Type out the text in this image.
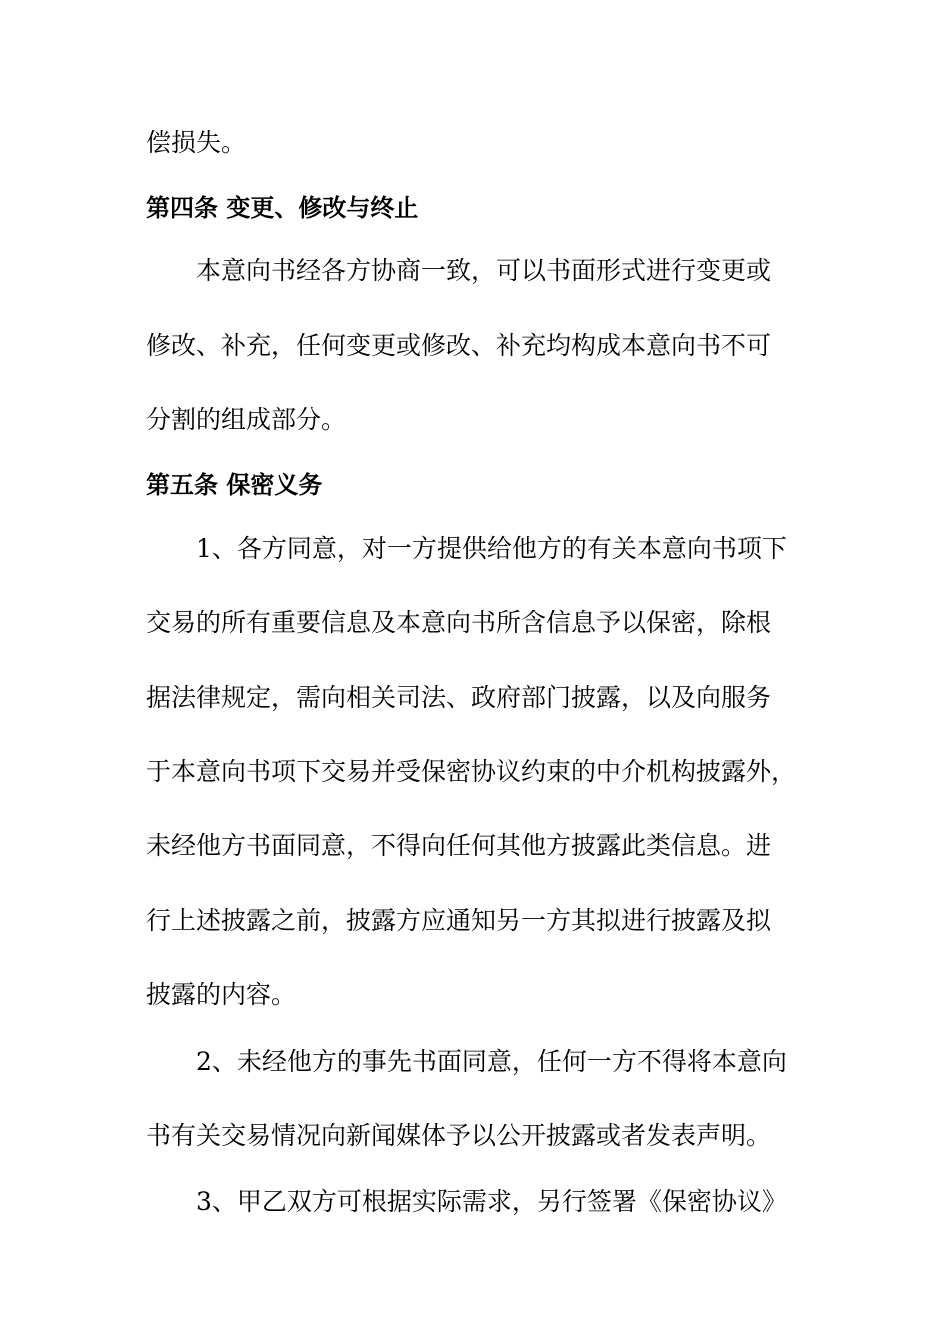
偿损失。

第四条 变更、修改与终止

本意向书经各方协商一致，可以书面形式进行变更或

修改、补充，任何变更或修改、补充均构成本意向书不可

分割的组成部分。

第五条 保密义务

1、各方同意，对一方提供给他方的有关本意向书项下

交易的所有重要信息及本意向书所含信息予以保密，除根

据法律规定，需向相关司法、政府部门披露，以及向服务

于本意向书项下交易并受保密协议约束的中介机构披露外，

未经他方书面同意，不得向任何其他方披露此类信息。进

行上述披露之前，披露方应通知另一方其拟进行披露及拟

披露的内容。

2、未经他方的事先书面同意，任何一方不得将本意向

书有关交易情况向新闻媒体予以公开披露或者发表声明。

3、甲乙双方可根据实际需求，另行签署《保密协议》
